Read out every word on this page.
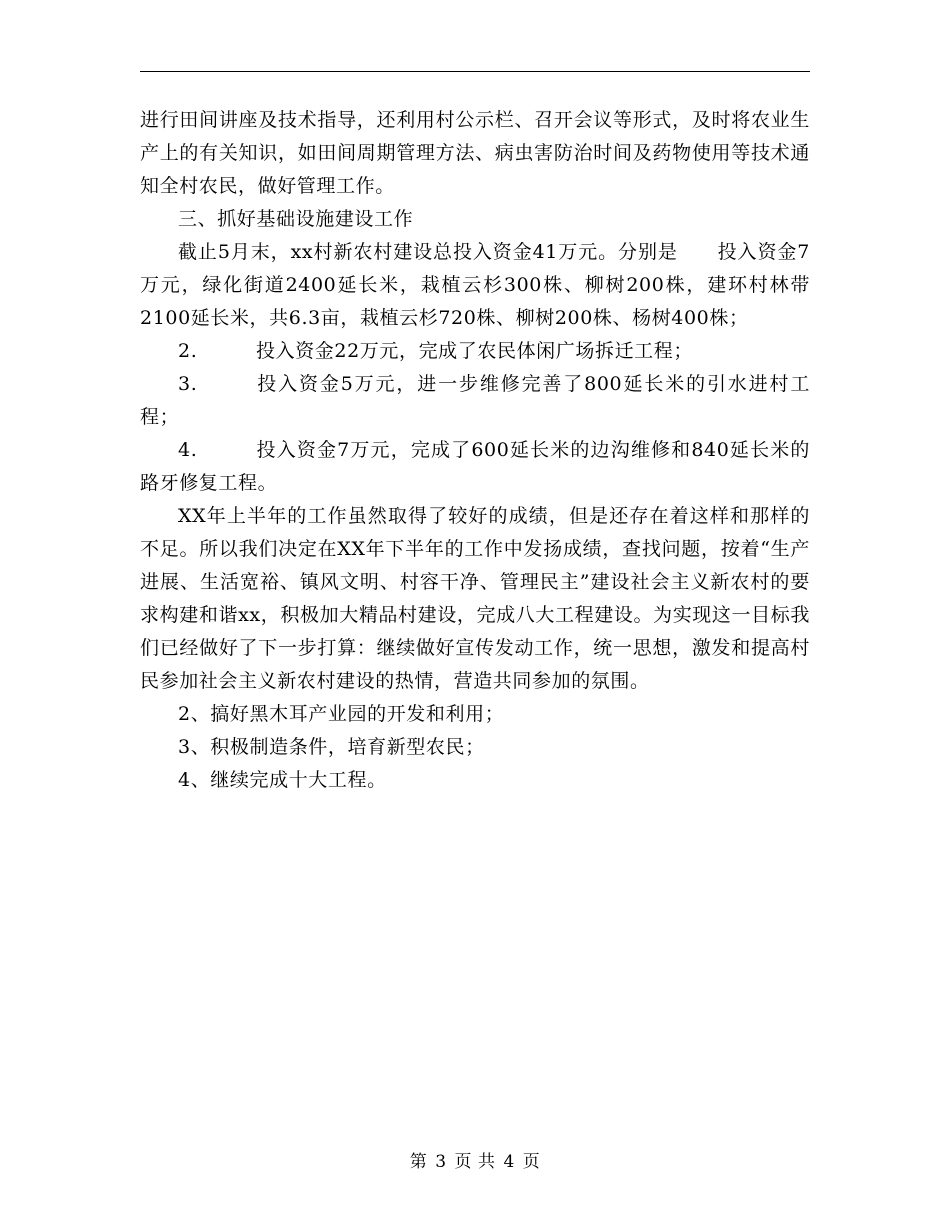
进行田间讲座及技术指导，还利用村公示栏、召开会议等形式，及时将农业生产上的有关知识，如田间周期管理方法、病虫害防治时间及药物使用等技术通知全村农民，做好管理工作。

三、抓好基础设施建设工作

截止5月末，xx村新农村建设总投入资金41万元。分别是　　投入资金7万元，绿化街道2400延长米，栽植云杉300株、柳树200株，建环村林带2100延长米，共6.3亩，栽植云杉720株、柳树200株、杨树400株；

2.	投入资金22万元，完成了农民体闲广场拆迁工程；

3.	投入资金5万元，进一步维修完善了800延长米的引水进村工程；

4.	投入资金7万元，完成了600延长米的边沟维修和840延长米的路牙修复工程。

XX年上半年的工作虽然取得了较好的成绩，但是还存在着这样和那样的不足。所以我们决定在XX年下半年的工作中发扬成绩，查找问题，按着“生产进展、生活宽裕、镇风文明、村容干净、管理民主”建设社会主义新农村的要求构建和谐xx，积极加大精品村建设，完成八大工程建设。为实现这一目标我们已经做好了下一步打算：继续做好宣传发动工作，统一思想，激发和提高村民参加社会主义新农村建设的热情，营造共同参加的氛围。

2、搞好黑木耳产业园的开发和利用；

3、积极制造条件，培育新型农民；

4、继续完成十大工程。

第 3 页 共 4 页
